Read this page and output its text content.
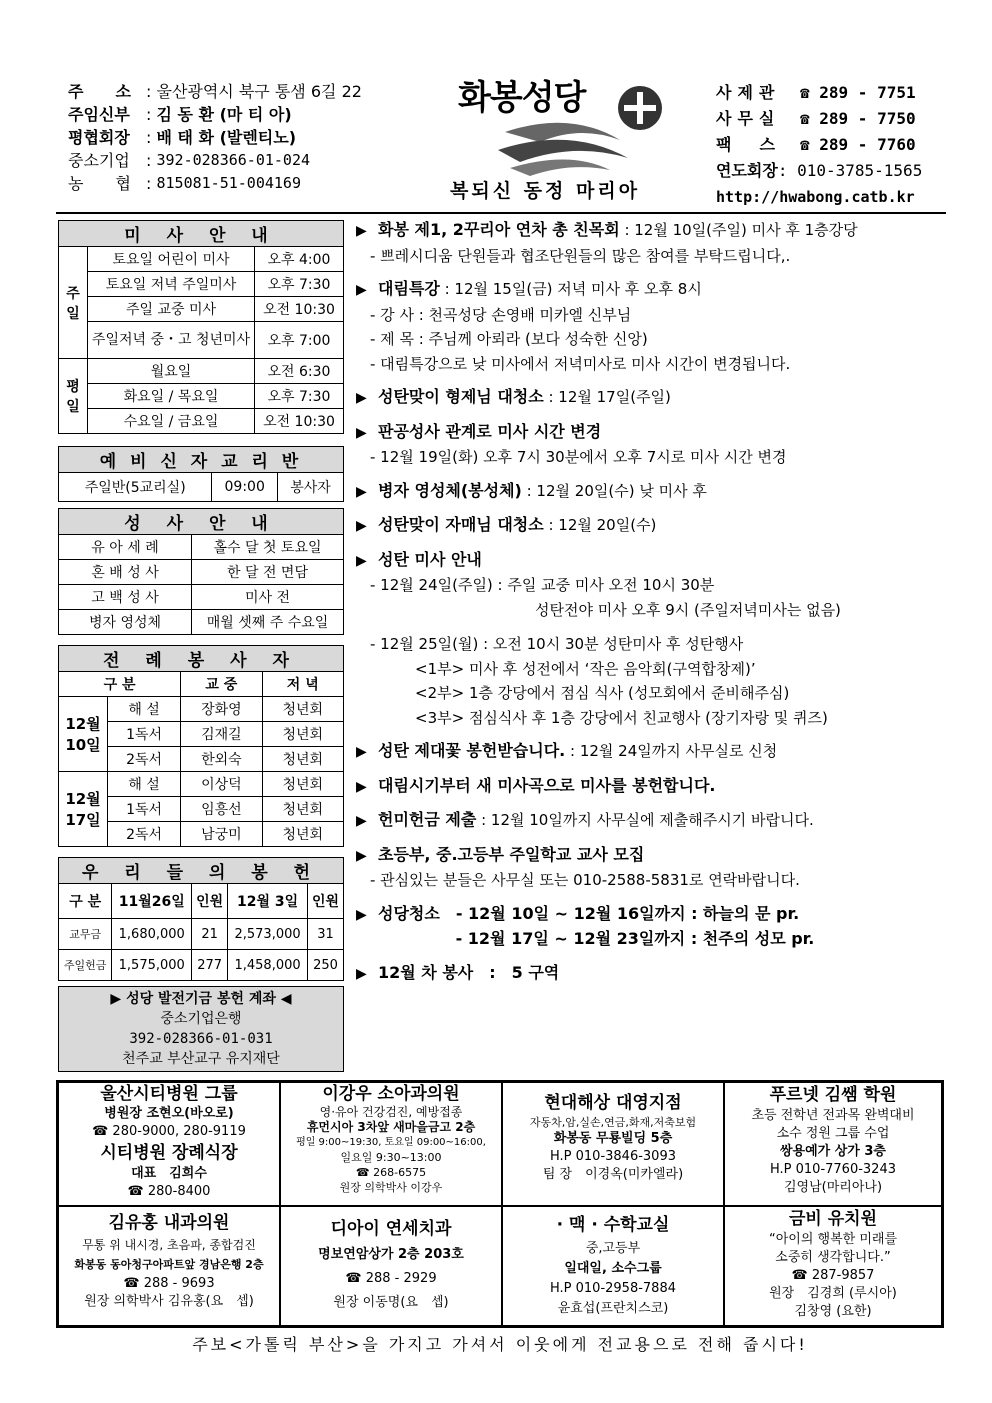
주　　소 : 울산광역시 북구 통샘 6길 22
주임신부	: 김 동 환 (마 티 아)
평협회장	: 배 태 화 (발렌티노)
중소기업	: 392-028366-01-024
농　　협 : 815081-51-004169
화봉성당
복되신 동정 마리아
사제관	☎ 289 - 7751
사무실	☎ 289 - 7750
팩　스	☎ 289 - 7760
연도회장 : 010-3785-1565
http://hwabong.catb.kr
미 사 안 내		
주일	토요일 어린이 미사	오후 4:00
	토요일 저녁 주일미사	오후 7:30
	주일 교중 미사	오전 10:30
	주일저녁 중・고 청년미사	오후 7:00
평일	월요일	오전 6:30
	화요일 / 목요일	오후 7:30
	수요일 / 금요일	오전 10:30
예 비 신 자 교 리 반
주일반(5교리실)	09:00	봉사자
성 사 안 내	
유 아 세 례	홀수 달 첫 토요일
혼 배 성 사	한 달 전 면담
고 백 성 사	미사 전
병자 영성체	매월 셋째 주 수요일
전 례 봉 사 자			
구 분		교 중	저 녁
12월 10일	해 설	장화영	청년회
	1독서	김재길	청년회
	2독서	한외숙	청년회
12월 17일	해 설	이상덕	청년회
	1독서	임흥선	청년회
	2독서	남궁미	청년회
우 리 들 의 봉 헌				
구 분	11월26일	인원	12월 3일	인원
교무금	1,680,000	21	2,573,000	31
주일헌금	1,575,000	277	1,458,000	250
▶ 성당 발전기금 봉헌 계좌 ◀
중소기업은행
392-028366-01-031
천주교 부산교구 유지재단
▶ 화봉 제1, 2꾸리아 연차 총 친목회 : 12월 10일(주일) 미사 후 1층강당
- 쁘레시디움 단원들과 협조단원들의 많은 참여를 부탁드립니다,.
▶ 대림특강 : 12월 15일(금) 저녁 미사 후 오후 8시
- 강 사 : 천곡성당 손영배 미카엘 신부님
- 제 목 : 주님께 아뢰라 (보다 성숙한 신앙)
- 대림특강으로 낮 미사에서 저녁미사로 미사 시간이 변경됩니다.
▶ 성탄맞이 형제님 대청소 : 12월 17일(주일)
▶ 판공성사 관계로 미사 시간 변경
- 12월 19일(화) 오후 7시 30분에서 오후 7시로 미사 시간 변경
▶ 병자 영성체(봉성체) : 12월 20일(수) 낮 미사 후
▶ 성탄맞이 자매님 대청소 : 12월 20일(수)
▶ 성탄 미사 안내
- 12월 24일(주일) : 주일 교중 미사 오전 10시 30분
　　　　　　　　　　　성탄전야 미사 오후 9시 (주일저녁미사는 없음)
- 12월 25일(월) : 오전 10시 30분 성탄미사 후 성탄행사
　　　<1부> 미사 후 성전에서 ‘작은 음악회(구역합창제)’
　　　<2부> 1층 강당에서 점심 식사 (성모회에서 준비해주심)
　　　<3부> 점심식사 후 1층 강당에서 친교행사 (장기자랑 및 퀴즈)
▶ 성탄 제대꽃 봉헌받습니다. : 12월 24일까지 사무실로 신청
▶ 대림시기부터 새 미사곡으로 미사를 봉헌합니다.
▶ 헌미헌금 제출 : 12월 10일까지 사무실에 제출해주시기 바랍니다.
▶ 초등부, 중.고등부 주일학교 교사 모집
- 관심있는 분들은 사무실 또는 010-2588-5831로 연락바랍니다.
▶ 성당청소　- 12월 10일 ~ 12월 16일까지 : 하늘의 문 pr.
　　　　　 - 12월 17일 ~ 12월 23일까지 : 천주의 성모 pr.
▶ 12월 차 봉사　:　5 구역
울산시티병원 그룹
병원장 조현오(바오로)
☎ 280-9000, 280-9119
시티병원 장례식장
대표　김희수
☎ 280-8400
이강우 소아과의원
영·유아 건강검진, 예방접종
휴먼시아 3차앞 새마을금고 2층
평일 9:00~19:30, 토요일 09:00~16:00,
일요일 9:30~13:00
☎ 268-6575
원장 의학박사 이강우
현대해상 대영지점
자동차,암,실손,연금,화재,저축보험
화봉동 무룡빌딩 5층
H.P 010-3846-3093
팀 장　이경옥(미카엘라)
푸르넷 김쌤 학원
초등 전학년 전과목 완벽대비
소수 정원 그룹 수업
쌍용예가 상가 3층
H.P 010-7760-3243
김영남(마리아나)
김유홍 내과의원
무통 위 내시경, 초음파, 종합검진
화봉동 동아청구아파트앞 경남은행 2층
☎ 288 - 9693
원장 의학박사 김유홍(요　셉)
디아이 연세치과
명보연암상가 2층 203호
☎ 288 - 2929
원장 이동명(요　셉)
· 맥 · 수학교실
중,고등부
일대일, 소수그룹
H.P 010-2958-7884
윤효섭(프란치스코)
금비 유치원
“아이의 행복한 미래를
소중히 생각합니다.”
☎ 287-9857
원장　김경희 (루시아)
김창영 (요한)
주보<가톨릭 부산>을 가지고 가셔서 이웃에게 전교용으로 전해 줍시다!
